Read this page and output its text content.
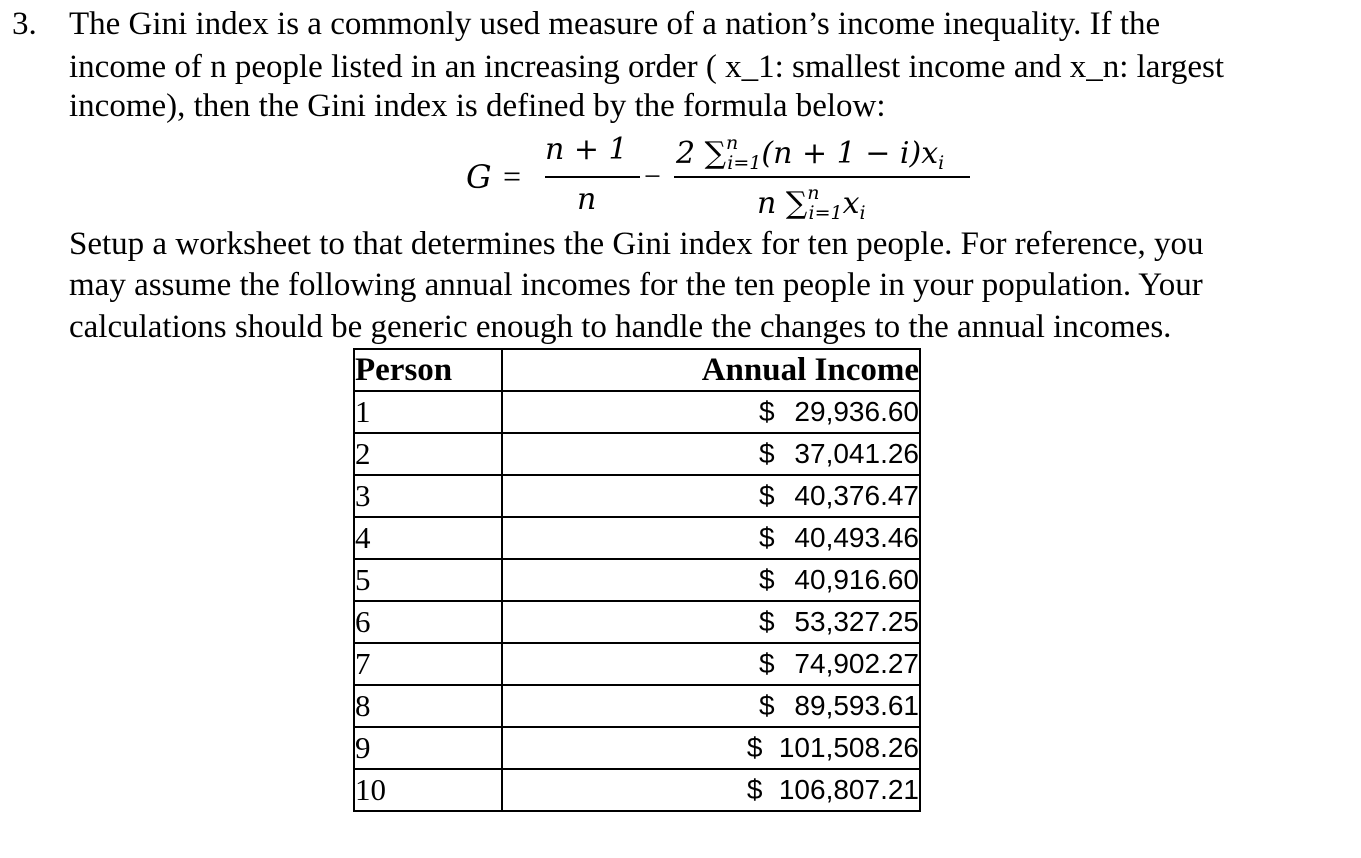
3. The Gini index is a commonly used measure of a nation’s income inequality. If the
income of n people listed in an increasing order ( x_1: smallest income and x_n: largest
income), then the Gini index is defined by the formula below:
G =
n + 1
n
−
2 $\sum^n_{i=1}(n + 1 - i)x_i$
n $\sum^n_{i=1}x_i$
Setup a worksheet to that determines the Gini index for ten people. For reference, you
may assume the following annual incomes for the ten people in your population. Your
calculations should be generic enough to handle the changes to the annual incomes.
Person	Annual Income
1	$ 29,936.60

2	$ 37,041.26

3	$ 40,376.47

4	$ 40,493.46

5	$ 40,916.60

6	$ 53,327.25

7	$ 74,902.27

8	$ 89,593.61

9	$ 101,508.26

10	$ 106,807.21
